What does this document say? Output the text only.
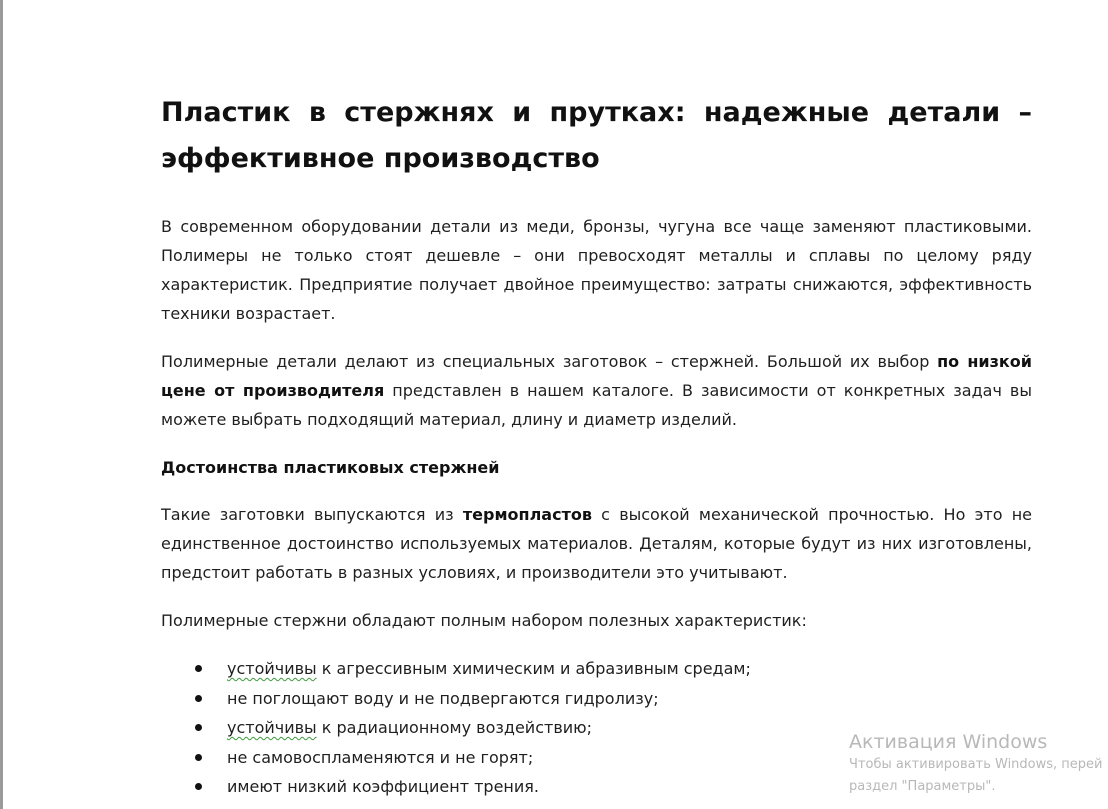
Пластик в стержнях и прутках: надежные детали –
эффективное производство

В современном оборудовании детали из меди, бронзы, чугуна все чаще заменяют пластиковыми. Полимеры не только стоят дешевле – они превосходят металлы и сплавы по целому ряду характеристик. Предприятие получает двойное преимущество: затраты снижаются, эффективность техники возрастает.

Полимерные детали делают из специальных заготовок – стержней. Большой их выбор по низкой цене от производителя представлен в нашем каталоге. В зависимости от конкретных задач вы можете выбрать подходящий материал, длину и диаметр изделий.

Достоинства пластиковых стержней

Такие заготовки выпускаются из термопластов с высокой механической прочностью. Но это не единственное достоинство используемых материалов. Деталям, которые будут из них изготовлены, предстоит работать в разных условиях, и производители это учитывают.

Полимерные стержни обладают полным набором полезных характеристик:

устойчивы к агрессивным химическим и абразивным средам;
не поглощают воду и не подвергаются гидролизу;
устойчивы к радиационному воздействию;
не самовоспламеняются и не горят;
имеют низкий коэффициент трения.
Активация Windows
Чтобы активировать Windows, перей
раздел "Параметры".
